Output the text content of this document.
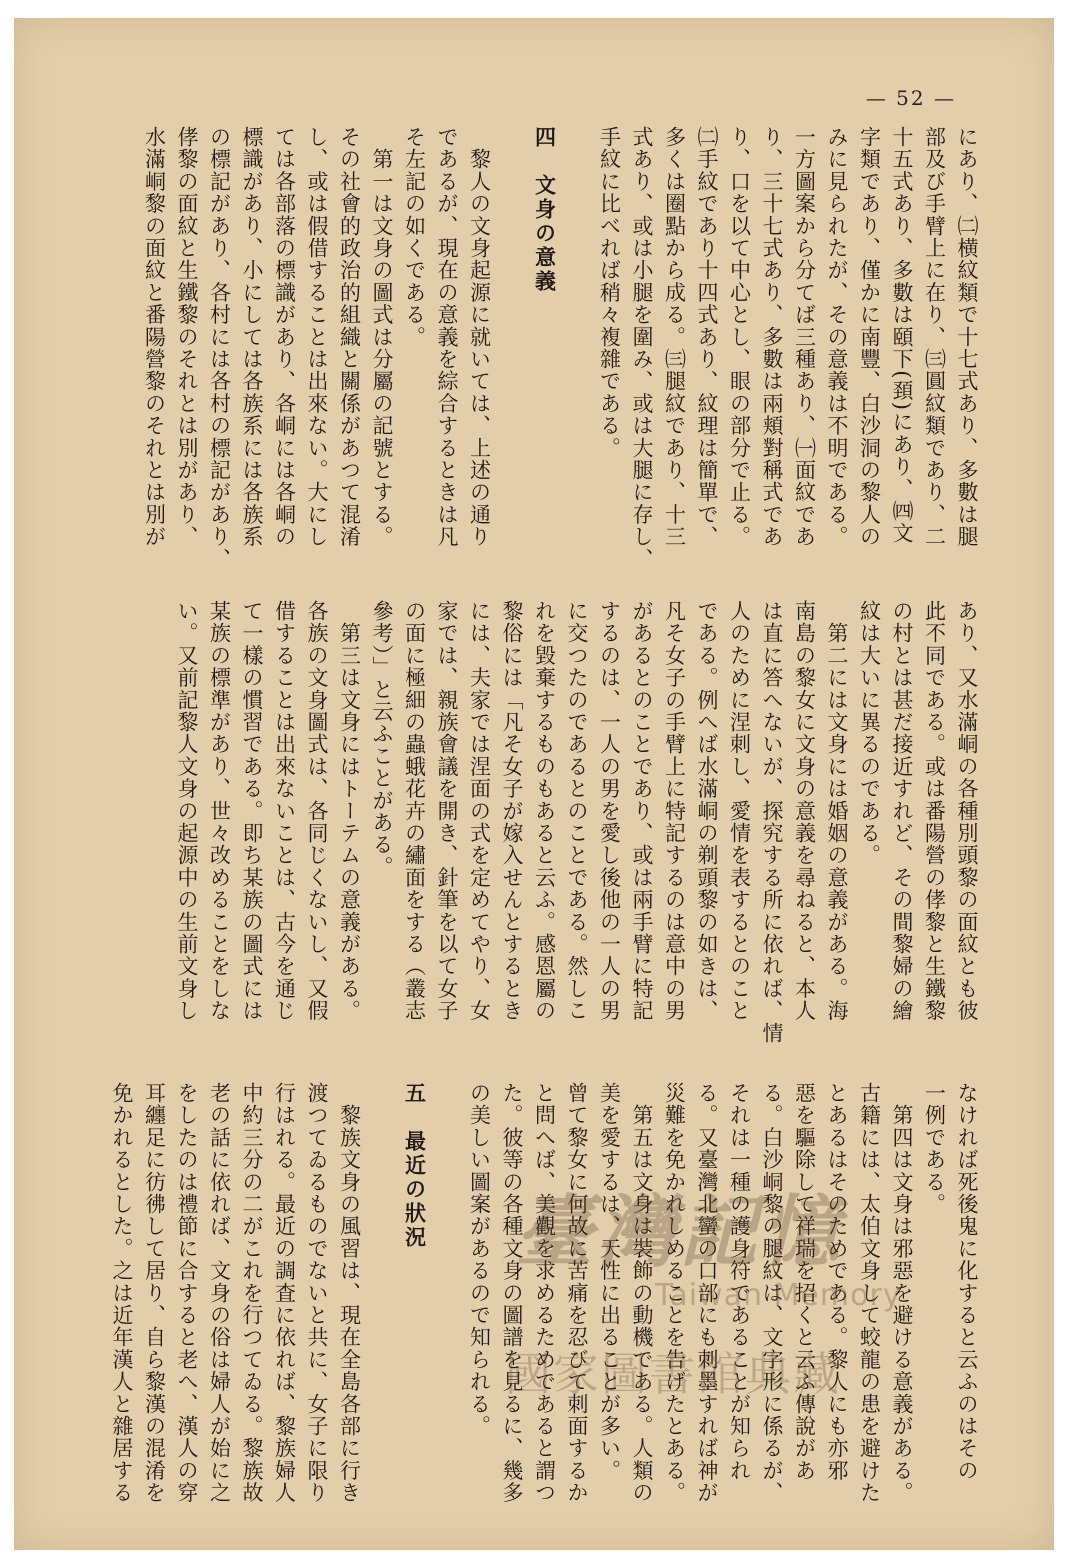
— 52 —
にあり、㈡横紋類で十七式あり、多數は腿
部及び手臂上に在り、㈢圓紋類であり、二
十五式あり、多數は頤下(頚)にあり、㈣文
字類であり、僅かに南豐、白沙洞の黎人の
みに見られたが、その意義は不明である。
一方圖案から分てば三種あり、㈠面紋であ
り、三十七式あり、多數は兩頬對稱式であ
り、口を以て中心とし、眼の部分で止る。
㈡手紋であり十四式あり、紋理は簡單で、
多くは圈點から成る。㈢腿紋であり、十三
式あり、或は小腿を圍み、或は大腿に存し、
手紋に比べれば稍々複雜である。

四　文身の意義

　黎人の文身起源に就いては、上述の通り
であるが、現在の意義を綜合するときは凡
そ左記の如くである。
　第一は文身の圖式は分屬の記號とする。
その社會的政治的組織と關係があつて混淆
し、或は假借することは出來ない。大にし
ては各部落の標識があり、各峒には各峒の
標識があり、小にしては各族系には各族系
の標記があり、各村には各村の標記があり、
侾黎の面紋と生鐵黎のそれとは別があり、
水滿峒黎の面紋と番陽營黎のそれとは別が
あり、又水滿峒の各種別頭黎の面紋とも彼
此不同である。或は番陽營の侾黎と生鐵黎
の村とは甚だ接近すれど、その間黎婦の繪
紋は大いに異るのである。
　第二には文身には婚姻の意義がある。海
南島の黎女に文身の意義を尋ねると、本人
は直に答へないが、探究する所に依れば、情
人のために涅刺し、愛情を表するとのこと
である。例へば水滿峒の剃頭黎の如きは、
凡そ女子の手臂上に特記するのは意中の男
があるとのことであり、或は兩手臂に特記
するのは、一人の男を愛し後他の一人の男
に交つたのであるとのことである。然しこ
れを毀棄するものもあると云ふ。感恩屬の
黎俗には「凡そ女子が嫁入せんとするとき
には、夫家では涅面の式を定めてやり、女
家では、親族會議を開き、針筆を以て女子
の面に極細の蟲蛾花卉の繡面をする（叢志
參考）」と云ふことがある。
　第三は文身にはトーテムの意義がある。
各族の文身圖式は、各同じくないし、又假
借することは出來ないことは、古今を通じ
て一樣の慣習である。即ち某族の圖式には
某族の標準があり、世々改めることをしな
い。又前記黎人文身の起源中の生前文身し
なければ死後鬼に化すると云ふのはその
一例である。
　第四は文身は邪惡を避ける意義がある。
古籍には、太伯文身して蛟龍の患を避けた
とあるはそのためである。黎人にも亦邪
惡を驅除して祥瑞を招くと云ふ傳說があ
る。白沙峒黎の腿紋は、文字形に係るが、
それは一種の護身符であることが知られ
る。又臺灣北蠻の口部にも刺墨すれば神が
災難を免かれしめることを告げたとある。
　第五は文身は裝飾の動機である。人類の
美を愛するは、天性に出ることが多い。
曾て黎女に何故に苦痛を忍びて刺面するか
と問へば、美觀を求めるためであると謂つ
た。彼等の各種文身の圖譜を見るに、幾多
の美しい圖案があるので知られる。

五　最近の狀況

　黎族文身の風習は、現在全島各部に行き
渡つてゐるものでないと共に、女子に限り
行はれる。最近の調査に依れば、黎族婦人
中約三分の二がこれを行つてゐる。黎族故
老の話に依れば、文身の俗は婦人が始に之
をしたのは禮節に合すると老へ、漢人の穿
耳纏足に彷彿して居り、自ら黎漢の混淆を
免かれるとした。之は近年漢人と雜居する	臺灣記憶
Taiwan Memory
國家圖書館典藏
